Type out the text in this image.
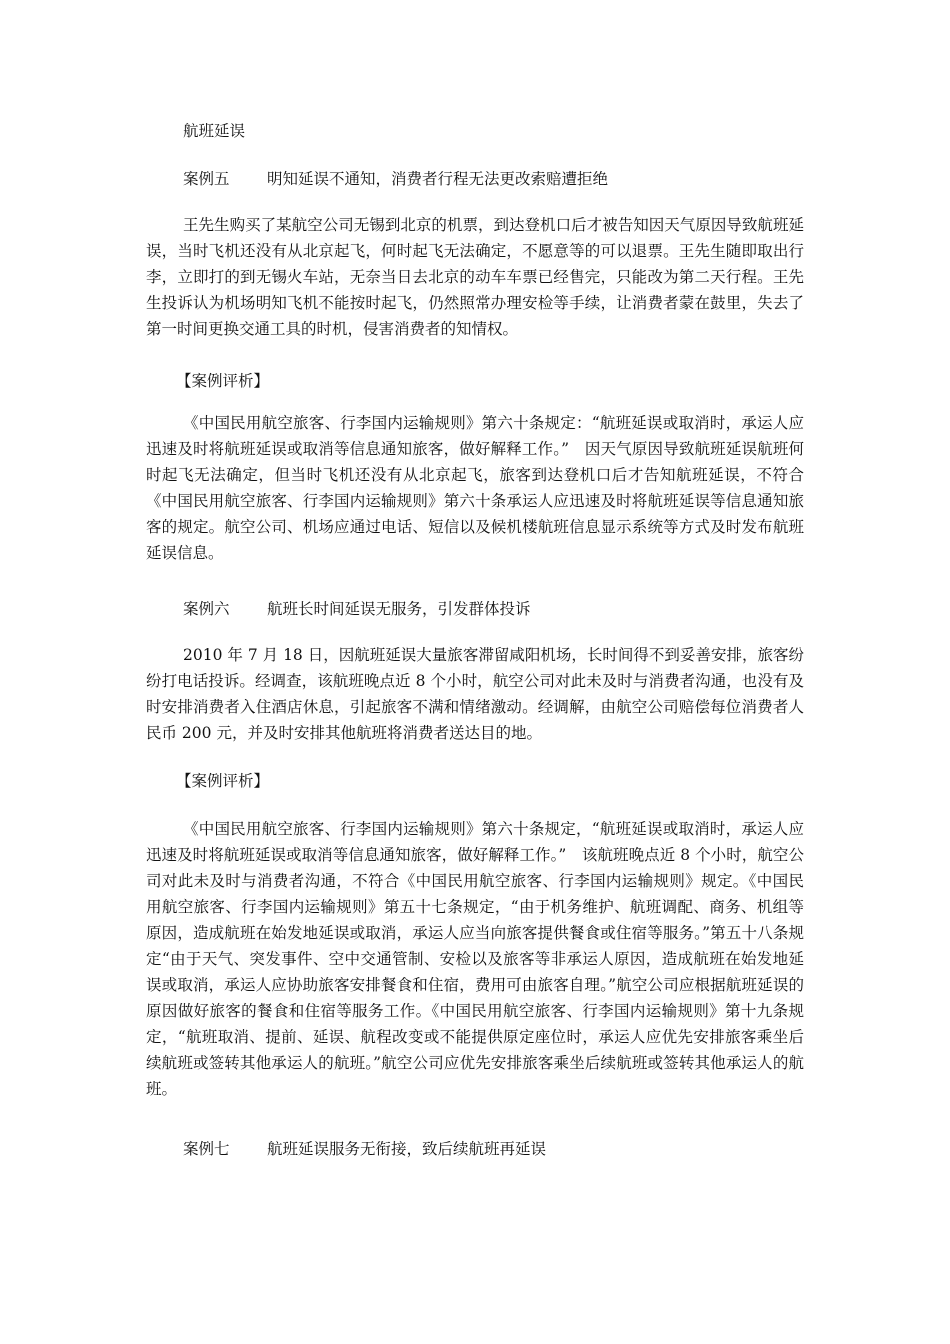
航班延误
案例五 明知延误不通知，消费者行程无法更改索赔遭拒绝

王先生购买了某航空公司无锡到北京的机票，到达登机口后才被告知因天气原因导致航班延误，当时飞机还没有从北京起飞，何时起飞无法确定，不愿意等的可以退票。王先生随即取出行李，立即打的到无锡火车站，无奈当日去北京的动车车票已经售完，只能改为第二天行程。王先生投诉认为机场明知飞机不能按时起飞，仍然照常办理安检等手续，让消费者蒙在鼓里，失去了第一时间更换交通工具的时机，侵害消费者的知情权。

【案例评析】

《中国民用航空旅客、行李国内运输规则》第六十条规定：“航班延误或取消时，承运人应迅速及时将航班延误或取消等信息通知旅客，做好解释工作。”　因天气原因导致航班延误航班何时起飞无法确定，但当时飞机还没有从北京起飞，旅客到达登机口后才告知航班延误，不符合《中国民用航空旅客、行李国内运输规则》第六十条承运人应迅速及时将航班延误等信息通知旅客的规定。航空公司、机场应通过电话、短信以及候机楼航班信息显示系统等方式及时发布航班延误信息。

案例六 航班长时间延误无服务，引发群体投诉

2010 年 7 月 18 日，因航班延误大量旅客滞留咸阳机场，长时间得不到妥善安排，旅客纷纷打电话投诉。经调查，该航班晚点近 8 个小时，航空公司对此未及时与消费者沟通，也没有及时安排消费者入住酒店休息，引起旅客不满和情绪激动。经调解，由航空公司赔偿每位消费者人民币 200 元，并及时安排其他航班将消费者送达目的地。

【案例评析】

《中国民用航空旅客、行李国内运输规则》第六十条规定，“航班延误或取消时，承运人应迅速及时将航班延误或取消等信息通知旅客，做好解释工作。”　该航班晚点近 8 个小时，航空公司对此未及时与消费者沟通，不符合《中国民用航空旅客、行李国内运输规则》规定。《中国民用航空旅客、行李国内运输规则》第五十七条规定，“由于机务维护、航班调配、商务、机组等原因，造成航班在始发地延误或取消，承运人应当向旅客提供餐食或住宿等服务。”第五十八条规定“由于天气、突发事件、空中交通管制、安检以及旅客等非承运人原因，造成航班在始发地延误或取消，承运人应协助旅客安排餐食和住宿，费用可由旅客自理。”航空公司应根据航班延误的原因做好旅客的餐食和住宿等服务工作。《中国民用航空旅客、行李国内运输规则》第十九条规定，“航班取消、提前、延误、航程改变或不能提供原定座位时，承运人应优先安排旅客乘坐后续航班或签转其他承运人的航班。”航空公司应优先安排旅客乘坐后续航班或签转其他承运人的航班。

案例七 航班延误服务无衔接，致后续航班再延误
